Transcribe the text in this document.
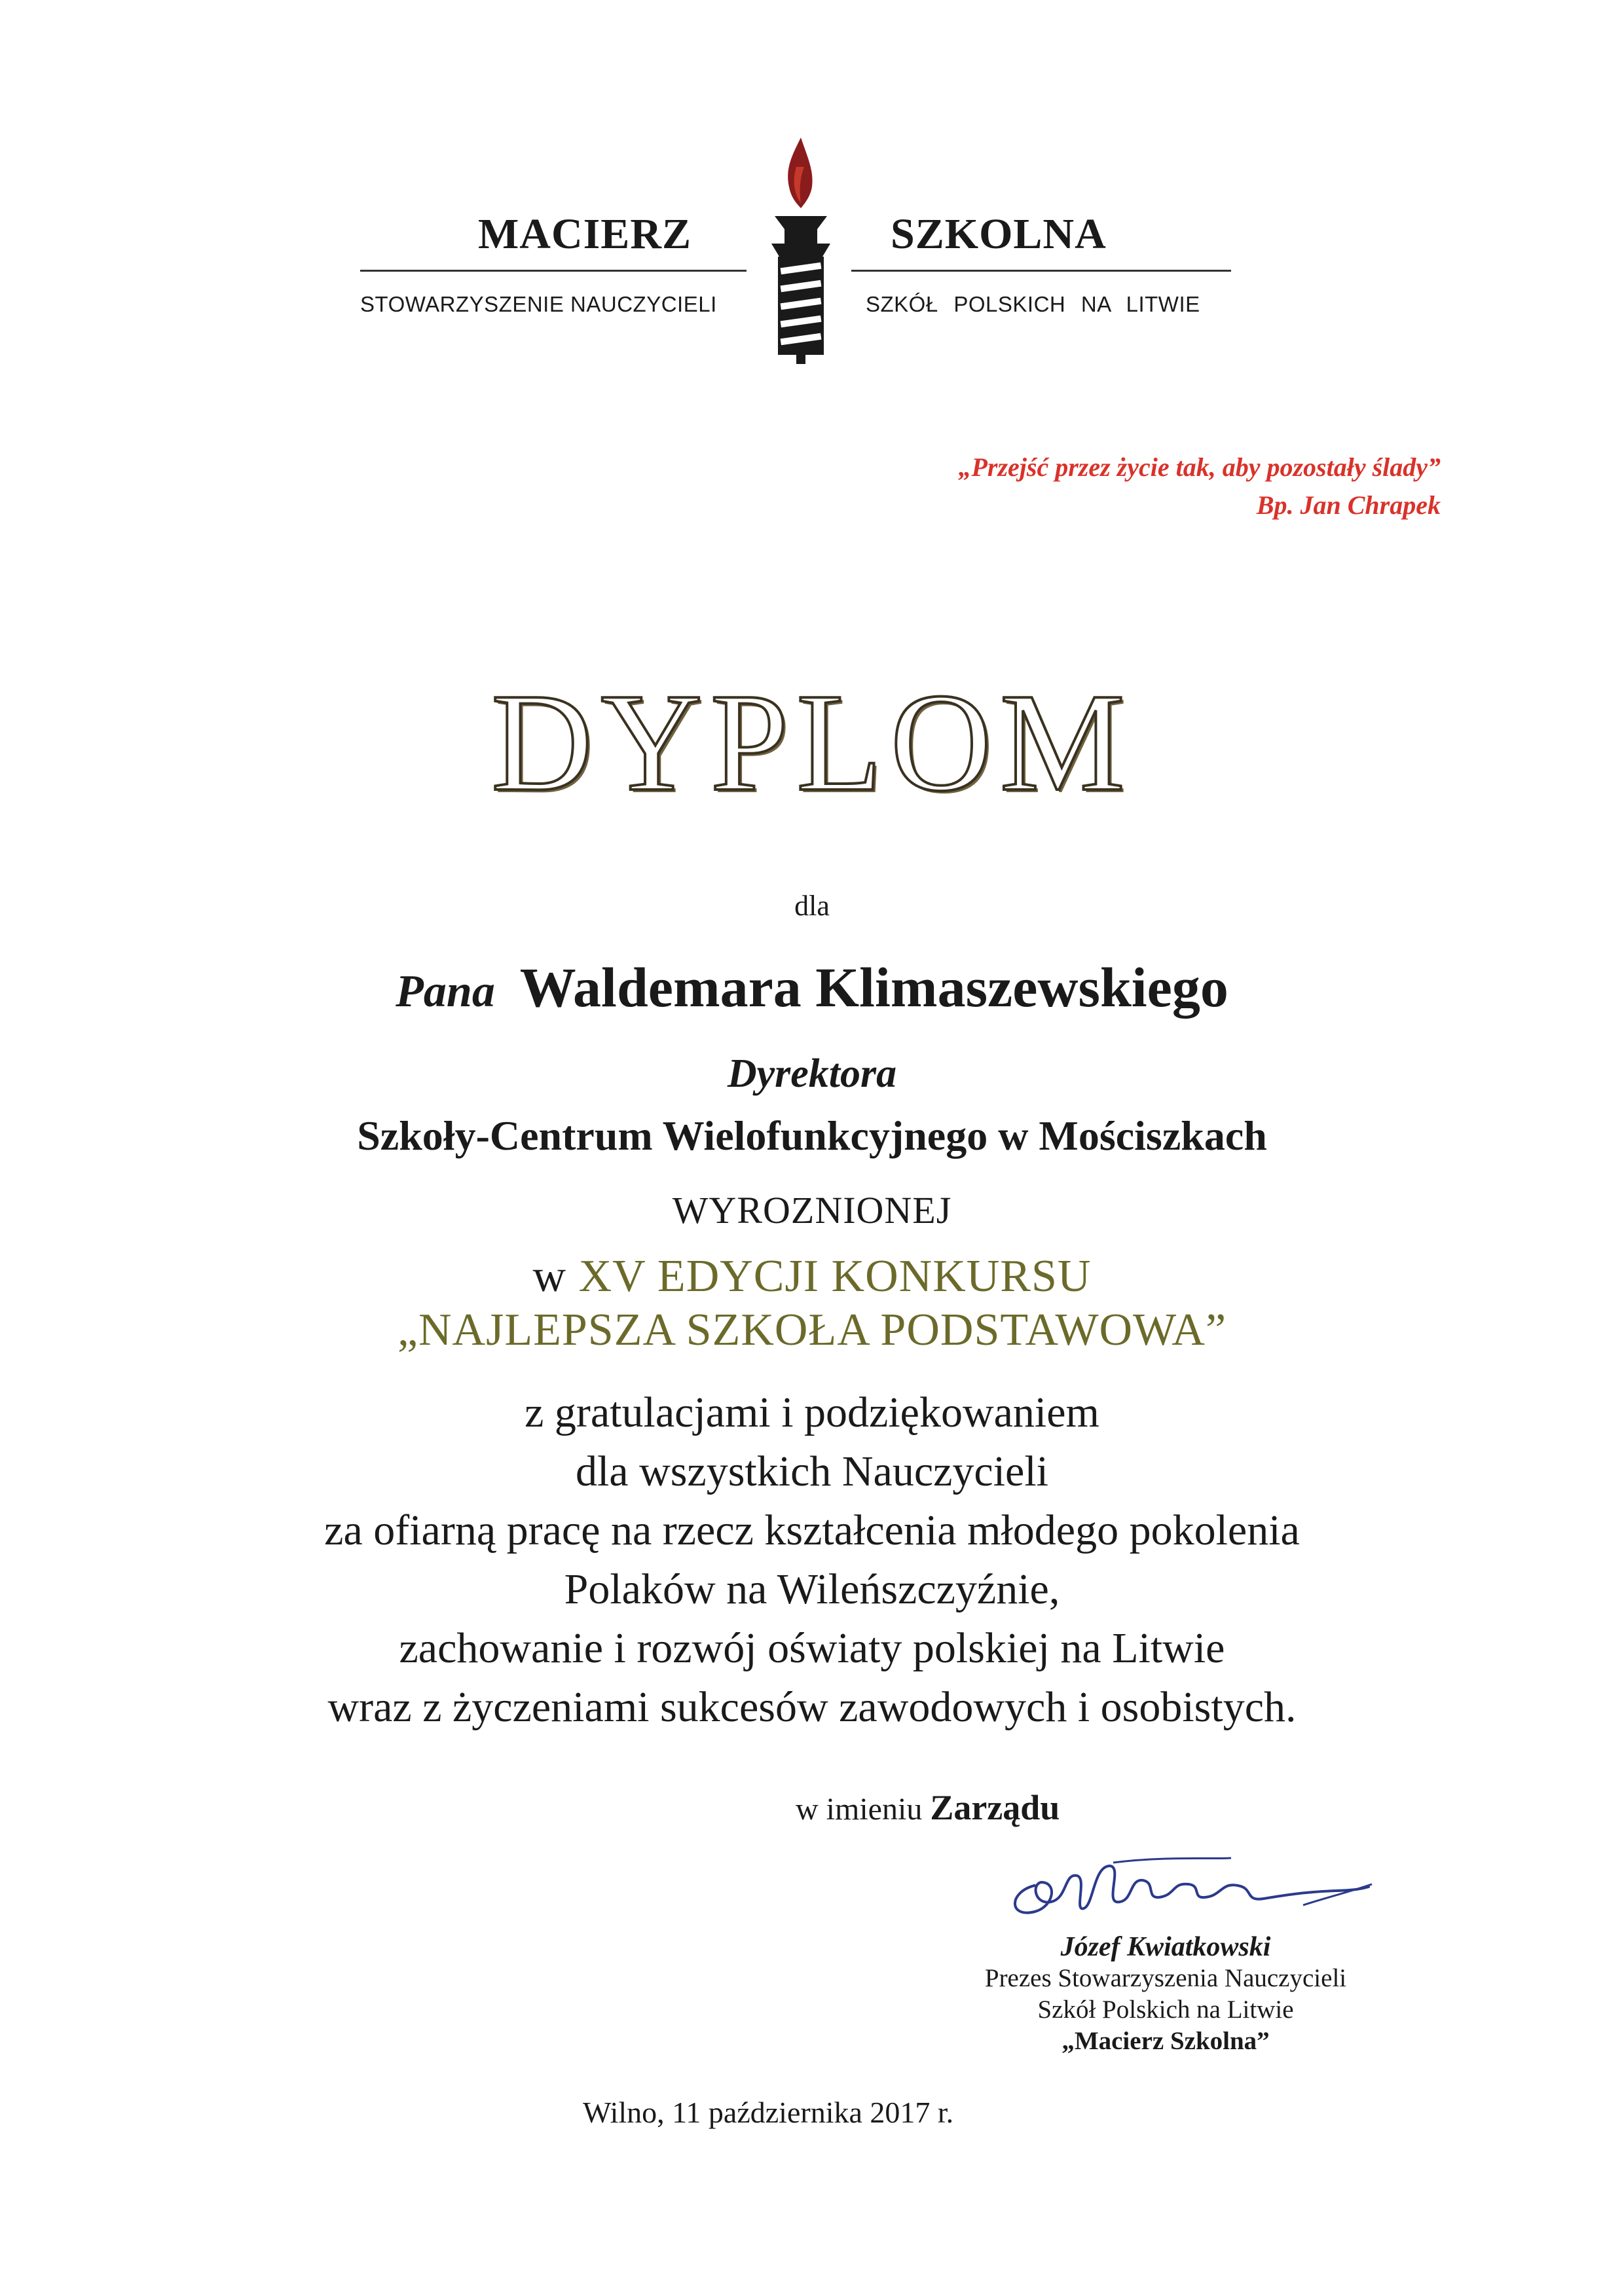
MACIERZ	SZKOLNA
STOWARZYSZENIE NAUCZYCIELI	SZKÓŁ POLSKICH NA LITWIE
„Przejść przez życie tak, aby pozostały ślady”
Bp. Jan Chrapek
DYPLOM
dla
Pana Waldemara Klimaszewskiego
Dyrektora
Szkoły-Centrum Wielofunkcyjnego w Mościszkach
WYROZNIONEJ
w XV EDYCJI KONKURSU
„NAJLEPSZA SZKOŁA PODSTAWOWA”
z gratulacjami i podziękowaniem
dla wszystkich Nauczycieli
za ofiarną pracę na rzecz kształcenia młodego pokolenia
Polaków na Wileńszczyźnie,
zachowanie i rozwój oświaty polskiej na Litwie
wraz z życzeniami sukcesów zawodowych i osobistych.
w imieniu Zarządu
Józef Kwiatkowski
Prezes Stowarzyszenia Nauczycieli
Szkół Polskich na Litwie
„Macierz Szkolna”
Wilno, 11 października 2017 r.
